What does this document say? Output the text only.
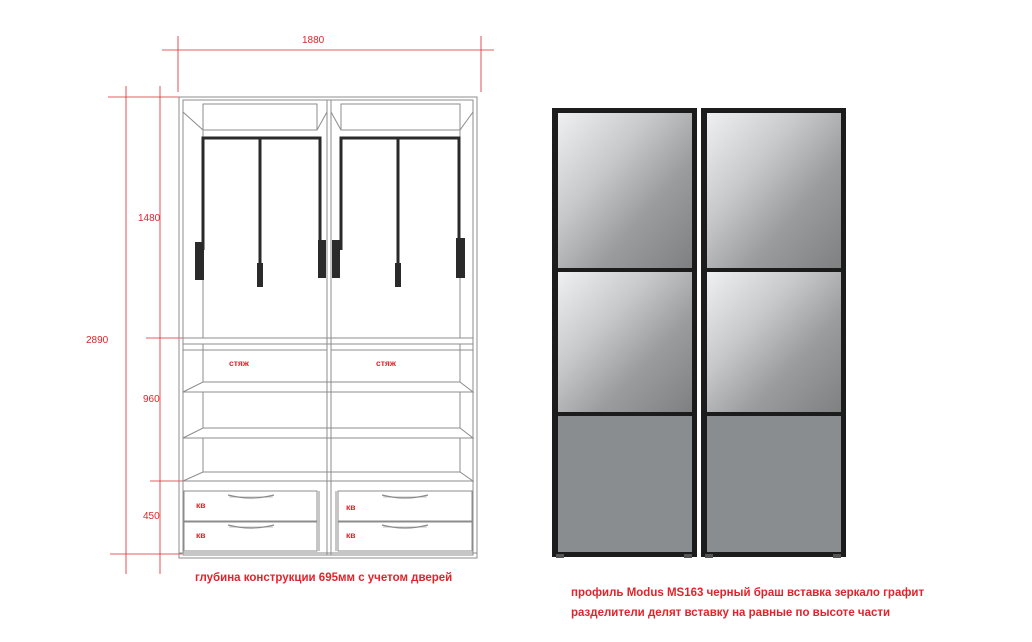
1880
2890
1480
960
450
стяж	стяж
кв
кв
кв
кв
глубина конструкции 695мм с учетом дверей
профиль Modus MS163 черный браш вставка зеркало графит
разделители делят вставку на равные по высоте части
